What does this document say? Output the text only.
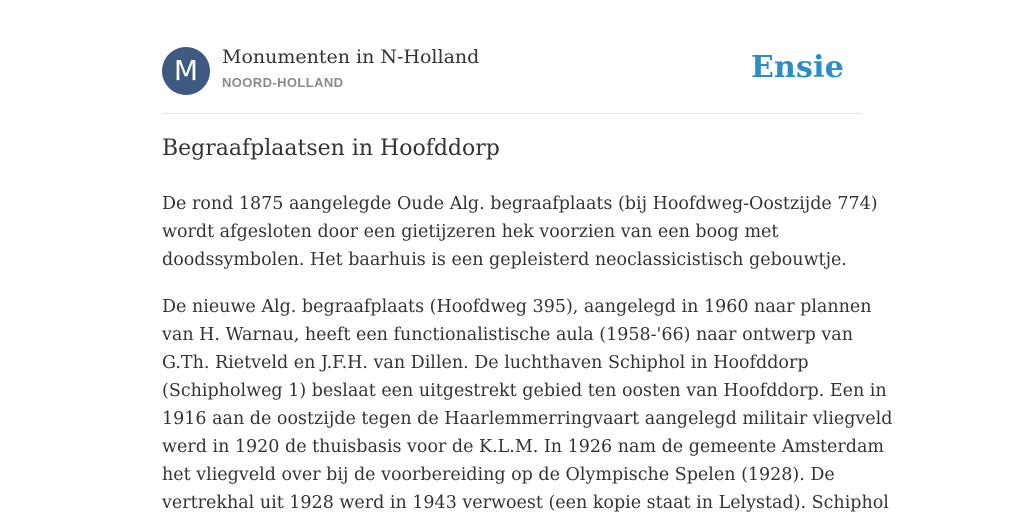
M	Monumenten in N-Holland
NOORD-HOLLAND	Ensie
Begraafplaatsen in Hoofddorp

De rond 1875 aangelegde Oude Alg. begraafplaats (bij Hoofdweg-Oostzijde 774)
wordt afgesloten door een gietijzeren hek voorzien van een boog met
doodssymbolen. Het baarhuis is een gepleisterd neoclassicistisch gebouwtje.

De nieuwe Alg. begraafplaats (Hoofdweg 395), aangelegd in 1960 naar plannen
van H. Warnau, heeft een functionalistische aula (1958-'66) naar ontwerp van
G.Th. Rietveld en J.F.H. van Dillen. De luchthaven Schiphol in Hoofddorp
(Schipholweg 1) beslaat een uitgestrekt gebied ten oosten van Hoofddorp. Een in
1916 aan de oostzijde tegen de Haarlemmerringvaart aangelegd militair vliegveld
werd in 1920 de thuisbasis voor de K.L.M. In 1926 nam de gemeente Amsterdam
het vliegveld over bij de voorbereiding op de Olympische Spelen (1928). De
vertrekhal uit 1928 werd in 1943 verwoest (een kopie staat in Lelystad). Schiphol
